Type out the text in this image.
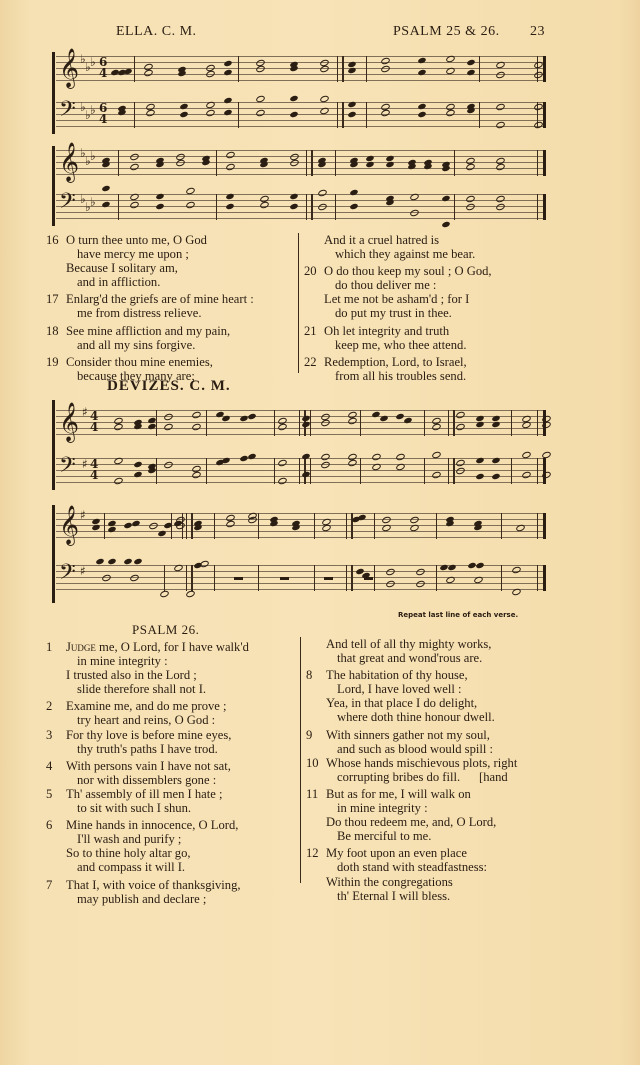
ELLA. C. M.	PSALM 25 & 26. 23
𝄞 ♭
♭ ♭ 6
4
𝄢 ♭
♭ ♭ 6
4
𝄞 ♭
♭ ♭
𝄢 ♭
♭ ♭
16 O turn thee unto me, O God
have mercy me upon ;
Because I solitary am,
and in affliction.
17 Enlarg'd the griefs are of mine heart :
me from distress relieve.
18 See mine affliction and my pain,
and all my sins forgive.
19 Consider thou mine enemies,
because they many are;
And it a cruel hatred is
which they against me bear.
20 O do thou keep my soul ; O God,
do thou deliver me :
Let me not be asham'd ; for I
do put my trust in thee.
21 Oh let integrity and truth
keep me, who thee attend.
22 Redemption, Lord, to Israel,
from all his troubles send.
DEVIZES. C. M.
𝄞 ♯ 4
4
𝄢 ♯ 4
4
𝄞 ♯
𝄢 ♯
Repeat last line of each verse.
PSALM 26.
1	Judge me, O Lord, for I have walk'd
in mine integrity :
I trusted also in the Lord ;
slide therefore shall not I.
2	Examine me, and do me prove ;
try heart and reins, O God :
3	For thy love is before mine eyes,
thy truth's paths I have trod.
4	With persons vain I have not sat,
nor with dissemblers gone :
5	Th' assembly of ill men I hate ;
to sit with such I shun.
6	Mine hands in innocence, O Lord,
I'll wash and purify ;
So to thine holy altar go,
and compass it will I.
7	That I, with voice of thanksgiving,
may publish and declare ;
And tell of all thy mighty works,
that great and wond'rous are.
8	The habitation of thy house,
Lord, I have loved well :
Yea, in that place I do delight,
where doth thine honour dwell.
9	With sinners gather not my soul,
and such as blood would spill :
10 Whose hands mischievous plots, right
corrupting bribes do fill.      [hand
11 But as for me, I will walk on
in mine integrity :
Do thou redeem me, and, O Lord,
Be merciful to me.
12 My foot upon an even place
doth stand with steadfastness:
Within the congregations
th' Eternal I will bless.
